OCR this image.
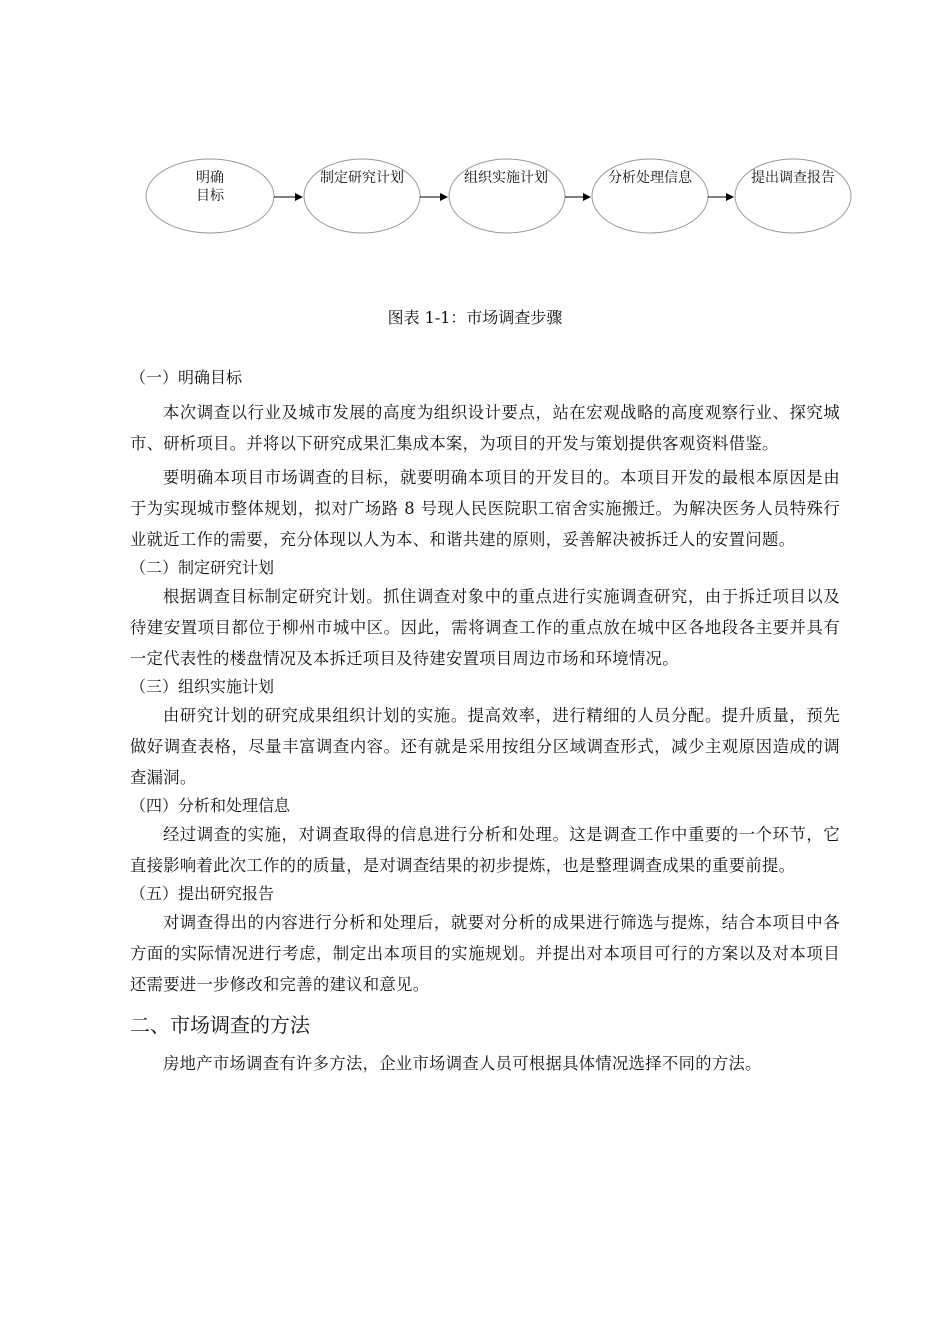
明确
目标
制定研究计划	组织实施计划	分析处理信息	提出调查报告
图表 1-1：市场调查步骤

（一）明确目标

本次调查以行业及城市发展的高度为组织设计要点，站在宏观战略的高度观察行业、探究城市、研析项目。并将以下研究成果汇集成本案，为项目的开发与策划提供客观资料借鉴。

要明确本项目市场调查的目标，就要明确本项目的开发目的。本项目开发的最根本原因是由于为实现城市整体规划，拟对广场路 8 号现人民医院职工宿舍实施搬迁。为解决医务人员特殊行业就近工作的需要，充分体现以人为本、和谐共建的原则，妥善解决被拆迁人的安置问题。

（二）制定研究计划

根据调查目标制定研究计划。抓住调查对象中的重点进行实施调查研究，由于拆迁项目以及待建安置项目都位于柳州市城中区。因此，需将调查工作的重点放在城中区各地段各主要并具有一定代表性的楼盘情况及本拆迁项目及待建安置项目周边市场和环境情况。

（三）组织实施计划

由研究计划的研究成果组织计划的实施。提高效率，进行精细的人员分配。提升质量，预先做好调查表格，尽量丰富调查内容。还有就是采用按组分区域调查形式，减少主观原因造成的调查漏洞。

（四）分析和处理信息

经过调查的实施，对调查取得的信息进行分析和处理。这是调查工作中重要的一个环节，它直接影响着此次工作的的质量，是对调查结果的初步提炼，也是整理调查成果的重要前提。

（五）提出研究报告

对调查得出的内容进行分析和处理后，就要对分析的成果进行筛选与提炼，结合本项目中各方面的实际情况进行考虑，制定出本项目的实施规划。并提出对本项目可行的方案以及对本项目还需要进一步修改和完善的建议和意见。

二、市场调查的方法

房地产市场调查有许多方法，企业市场调查人员可根据具体情况选择不同的方法。
